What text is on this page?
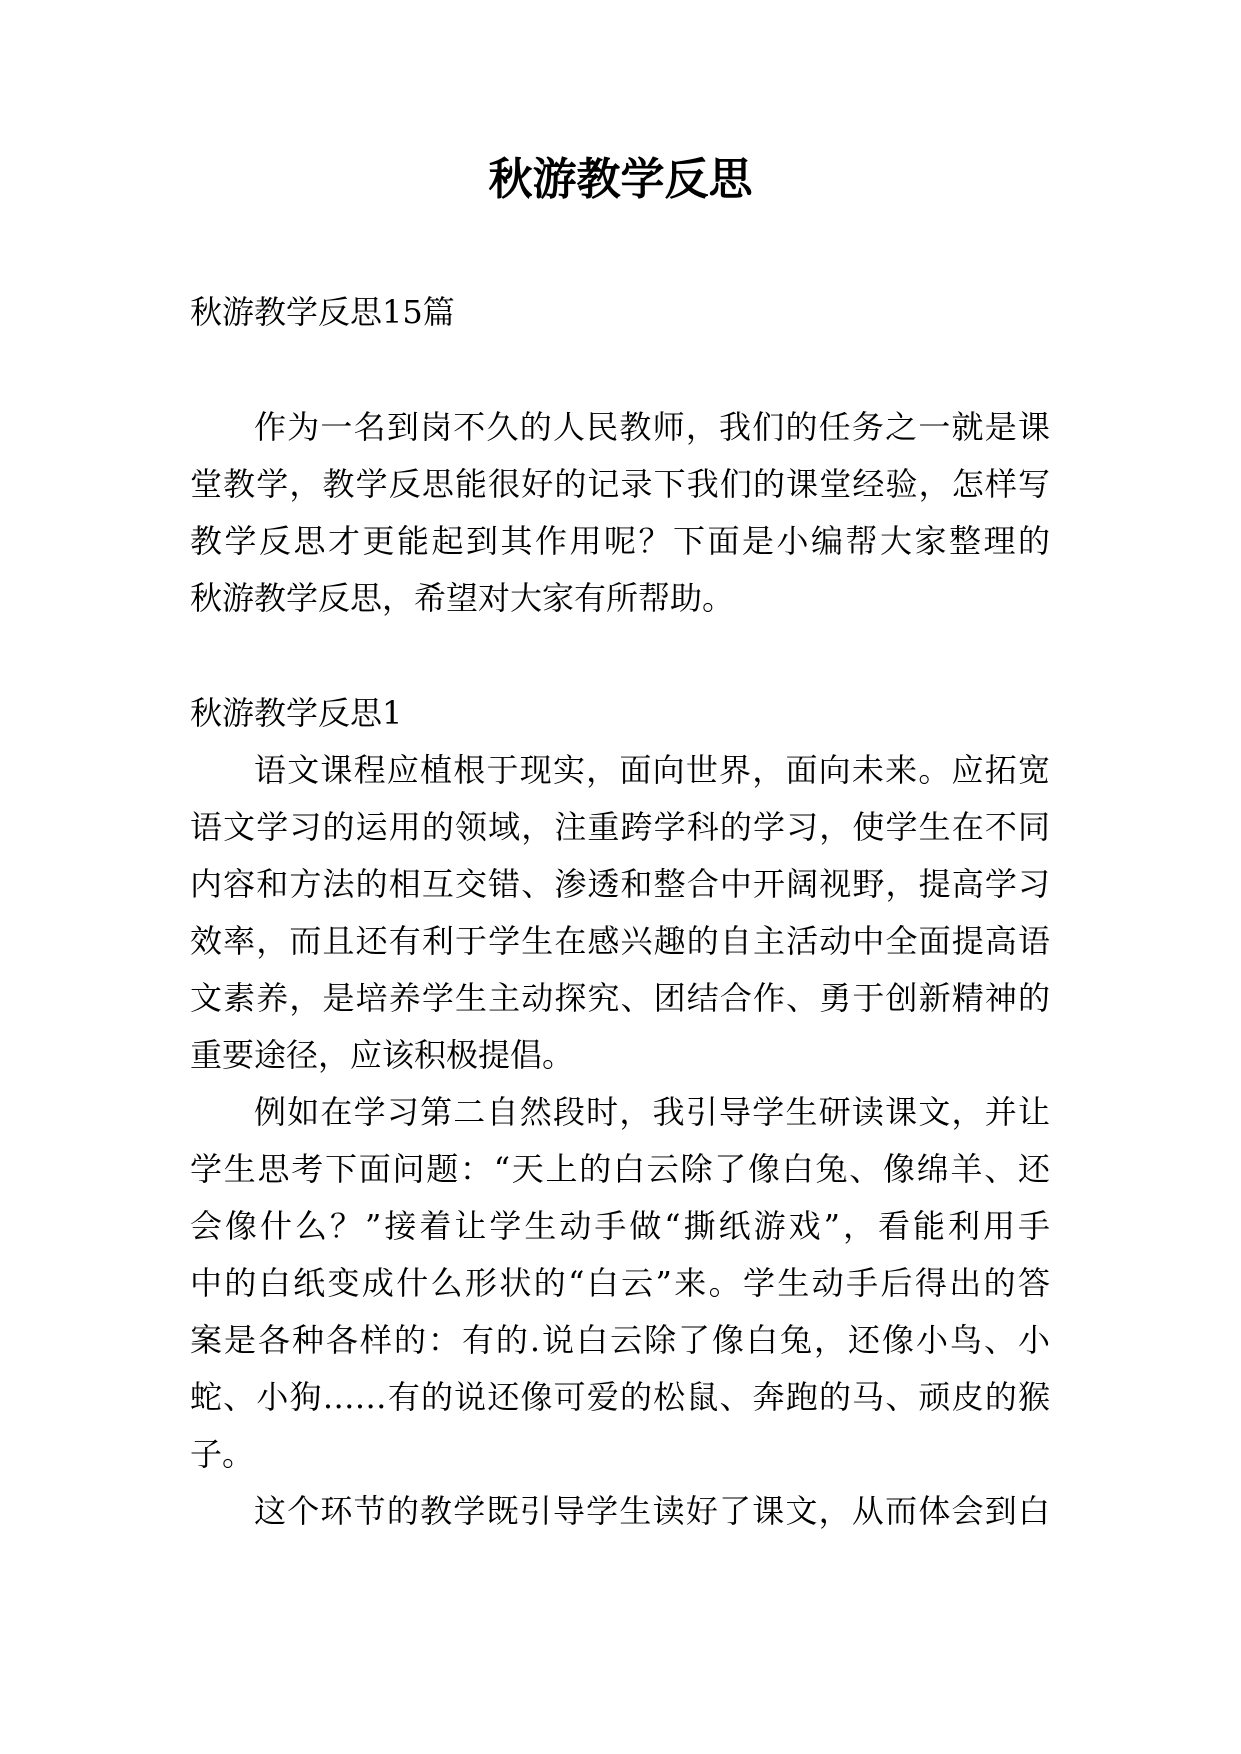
秋游教学反思

秋游教学反思15篇

作为一名到岗不久的人民教师，我们的任务之一就是课

堂教学，教学反思能很好的记录下我们的课堂经验，怎样写

教学反思才更能起到其作用呢？下面是小编帮大家整理的

秋游教学反思，希望对大家有所帮助。

秋游教学反思1

语文课程应植根于现实，面向世界，面向未来。应拓宽

语文学习的运用的领域，注重跨学科的学习，使学生在不同

内容和方法的相互交错、渗透和整合中开阔视野，提高学习

效率，而且还有利于学生在感兴趣的自主活动中全面提高语

文素养，是培养学生主动探究、团结合作、勇于创新精神的

重要途径，应该积极提倡。

例如在学习第二自然段时，我引导学生研读课文，并让

学生思考下面问题：“天上的白云除了像白兔、像绵羊、还

会像什么？”接着让学生动手做“撕纸游戏”，看能利用手

中的白纸变成什么形状的“白云”来。学生动手后得出的答

案是各种各样的：有的.说白云除了像白兔，还像小鸟、小

蛇、小狗……有的说还像可爱的松鼠、奔跑的马、顽皮的猴

子。

这个环节的教学既引导学生读好了课文，从而体会到白
